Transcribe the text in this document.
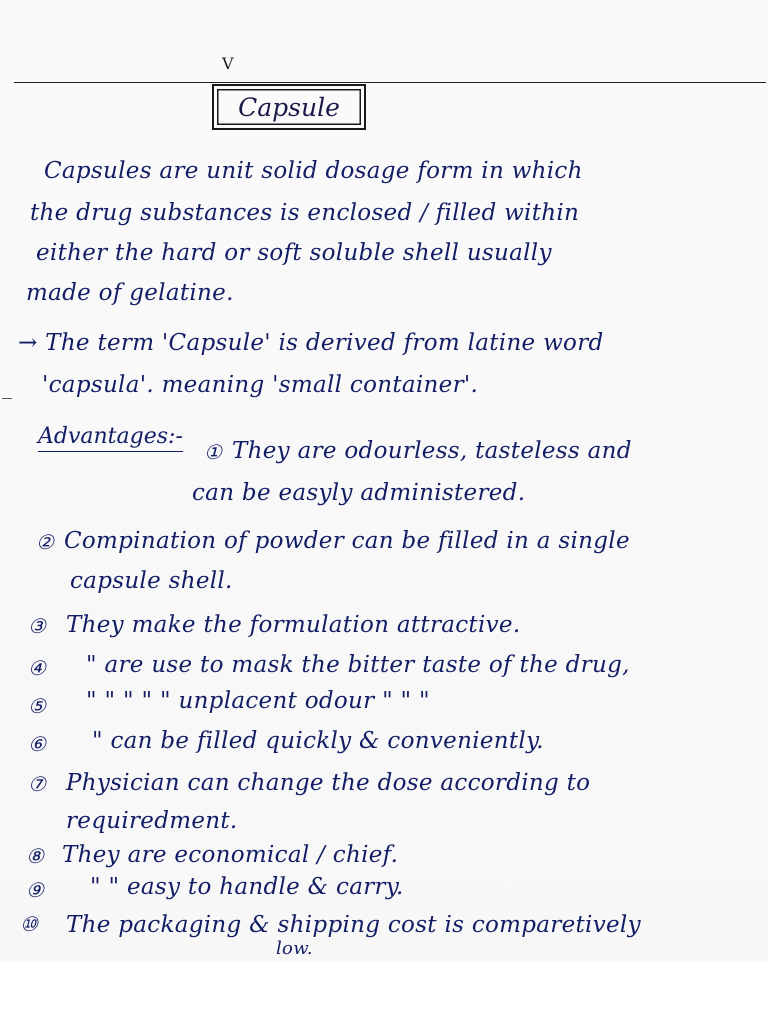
V
Capsule
Capsules are unit solid dosage form in which
the drug substances is enclosed / filled within
either the hard or soft soluble shell usually
made of gelatine.
→ The term 'Capsule' is derived from latine word
'capsula'. meaning 'small container'.
Advantages:-
① They are odourless, tasteless and
can be easyly administered.
② Compination of powder can be filled in a single
capsule shell.
③ They make the formulation attractive.
④ " are use to mask the bitter taste of the drug,
⑤ " " " " " unplacent odour " " "
⑥ " can be filled quickly & conveniently.
⑦ Physician can change the dose according to
requiredment.
⑧ They are economical / chief.
⑨ " " easy to handle & carry.
⑩ The packaging & shipping cost is comparetively
low.
